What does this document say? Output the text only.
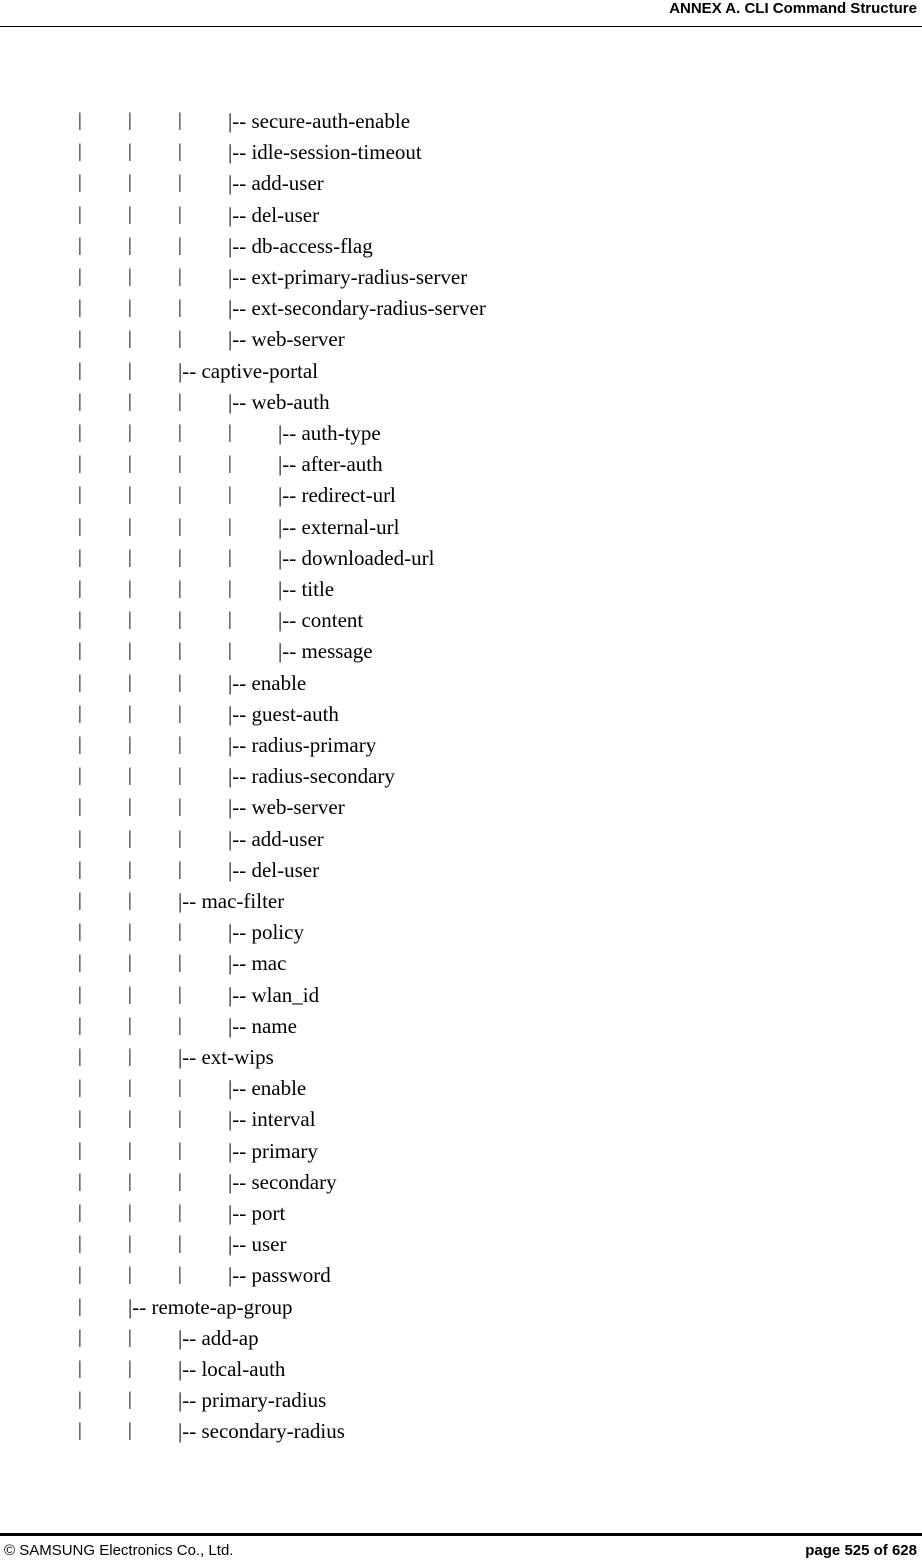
ANNEX A. CLI Command Structure
| | | |-- secure-auth-enable
| | | |-- idle-session-timeout
| | | |-- add-user
| | | |-- del-user
| | | |-- db-access-flag
| | | |-- ext-primary-radius-server
| | | |-- ext-secondary-radius-server
| | | |-- web-server
| | |-- captive-portal
| | | |-- web-auth
| | | | |-- auth-type
| | | | |-- after-auth
| | | | |-- redirect-url
| | | | |-- external-url
| | | | |-- downloaded-url
| | | | |-- title
| | | | |-- content
| | | | |-- message
| | | |-- enable
| | | |-- guest-auth
| | | |-- radius-primary
| | | |-- radius-secondary
| | | |-- web-server
| | | |-- add-user
| | | |-- del-user
| | |-- mac-filter
| | | |-- policy
| | | |-- mac
| | | |-- wlan_id
| | | |-- name
| | |-- ext-wips
| | | |-- enable
| | | |-- interval
| | | |-- primary
| | | |-- secondary
| | | |-- port
| | | |-- user
| | | |-- password
| |-- remote-ap-group
| | |-- add-ap
| | |-- local-auth
| | |-- primary-radius
| | |-- secondary-radius
© SAMSUNG Electronics Co., Ltd.	page 525 of 628
